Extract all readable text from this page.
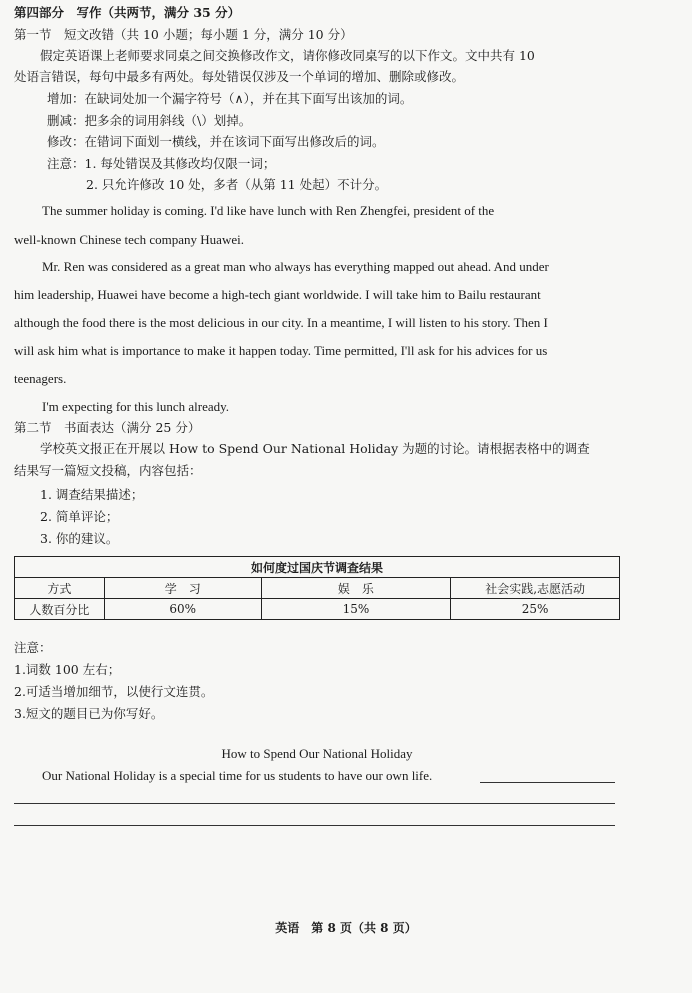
第四部分　写作（共两节，满分 35 分）
第一节　短文改错（共 10 小题；每小题 1 分，满分 10 分）
假定英语课上老师要求同桌之间交换修改作文，请你修改同桌写的以下作文。文中共有 10
处语言错误，每句中最多有两处。每处错误仅涉及一个单词的增加、删除或修改。
增加：在缺词处加一个漏字符号（∧），并在其下面写出该加的词。
删减：把多余的词用斜线（\）划掉。
修改：在错词下面划一横线，并在该词下面写出修改后的词。
注意：1. 每处错误及其修改均仅限一词；
2. 只允许修改 10 处，多者（从第 11 处起）不计分。
The summer holiday is coming. I'd like have lunch with Ren Zhengfei, president of the
well-known Chinese tech company Huawei.
Mr. Ren was considered as a great man who always has everything mapped out ahead. And under
him leadership, Huawei have become a high-tech giant worldwide. I will take him to Bailu restaurant
although the food there is the most delicious in our city. In a meantime, I will listen to his story. Then I
will ask him what is importance to make it happen today. Time permitted, I'll ask for his advices for us
teenagers.
I'm expecting for this lunch already.
第二节　书面表达（满分 25 分）
学校英文报正在开展以 How to Spend Our National Holiday 为题的讨论。请根据表格中的调查
结果写一篇短文投稿，内容包括：
1. 调查结果描述；
2. 简单评论；
3. 你的建议。
如何度过国庆节调查结果			
方式	学　习	娱　乐	社会实践,志愿活动
人数百分比	60%	15%	25%
注意：
1.词数 100 左右；
2.可适当增加细节，以使行文连贯。
3.短文的题目已为你写好。
How to Spend Our National Holiday
Our National Holiday is a special time for us students to have our own life.
英语　第 8 页（共 8 页）
